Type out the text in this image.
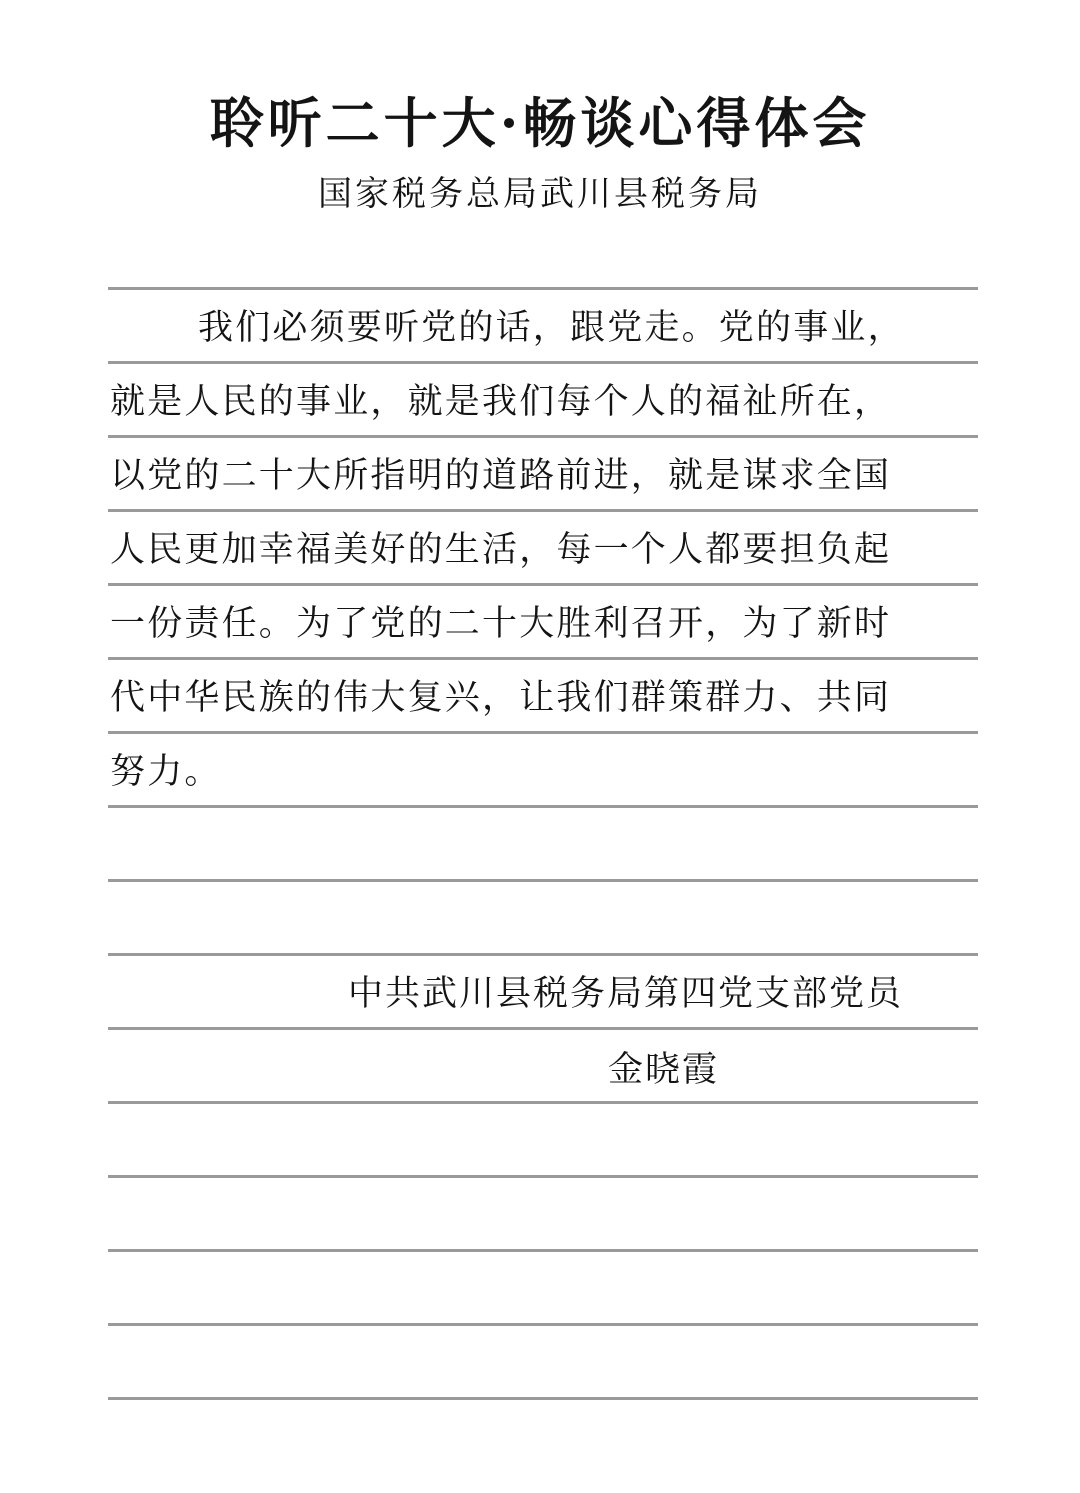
聆听二十大·畅谈心得体会
国家税务总局武川县税务局
我们必须要听党的话，跟党走。党的事业，
就是人民的事业，就是我们每个人的福祉所在，
以党的二十大所指明的道路前进，就是谋求全国
人民更加幸福美好的生活，每一个人都要担负起
一份责任。为了党的二十大胜利召开，为了新时
代中华民族的伟大复兴，让我们群策群力、共同
努力。
中共武川县税务局第四党支部党员
金晓霞
